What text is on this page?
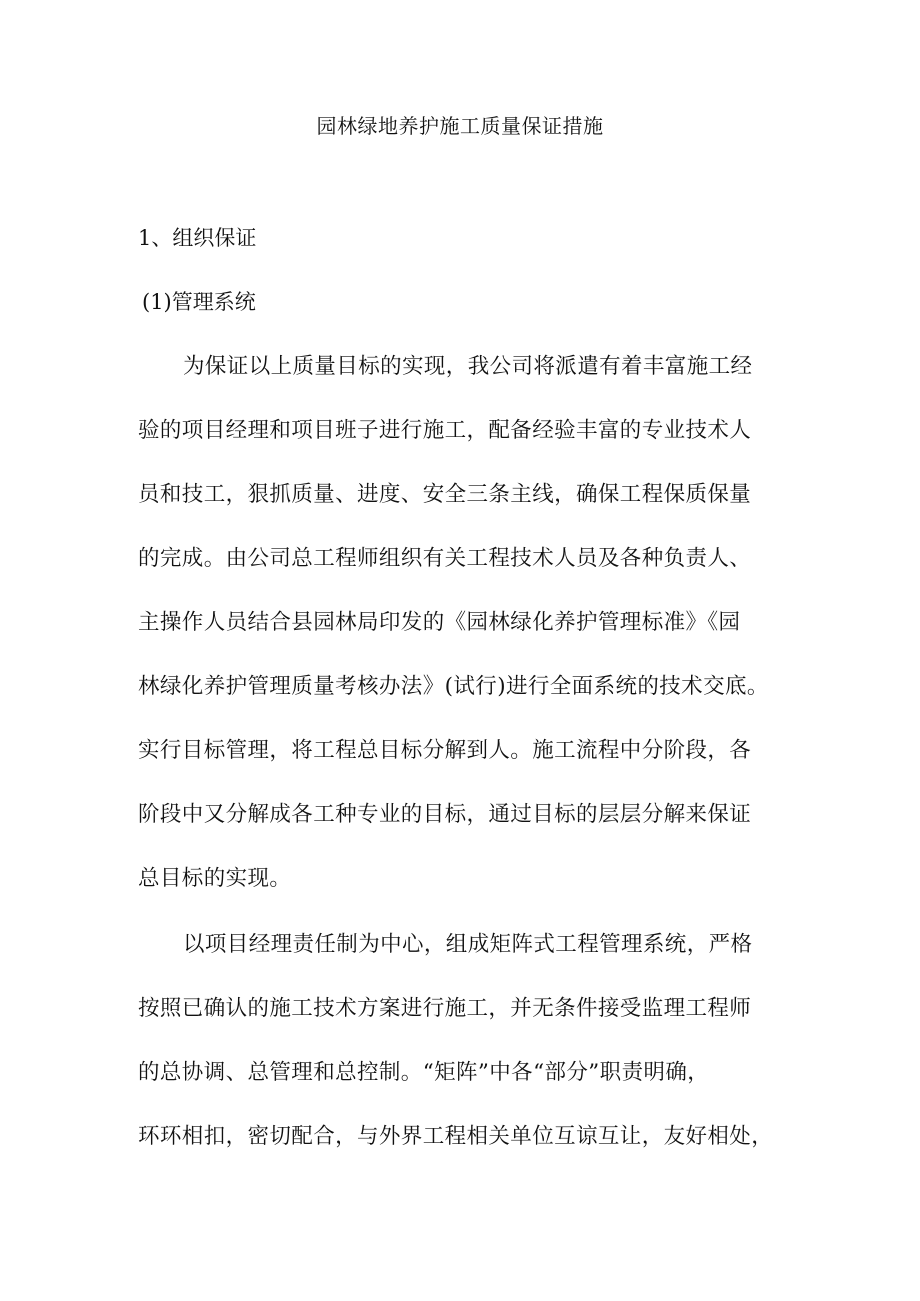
园林绿地养护施工质量保证措施
1、组织保证
(1)管理系统
为保证以上质量目标的实现，我公司将派遣有着丰富施工经
验的项目经理和项目班子进行施工，配备经验丰富的专业技术人
员和技工，狠抓质量、进度、安全三条主线，确保工程保质保量
的完成。由公司总工程师组织有关工程技术人员及各种负责人、
主操作人员结合县园林局印发的《园林绿化养护管理标准》《园
林绿化养护管理质量考核办法》(试行)进行全面系统的技术交底。
实行目标管理，将工程总目标分解到人。施工流程中分阶段，各
阶段中又分解成各工种专业的目标，通过目标的层层分解来保证
总目标的实现。
以项目经理责任制为中心，组成矩阵式工程管理系统，严格
按照已确认的施工技术方案进行施工，并无条件接受监理工程师
的总协调、总管理和总控制。“矩阵”中各“部分”职责明确，
环环相扣，密切配合，与外界工程相关单位互谅互让，友好相处，
